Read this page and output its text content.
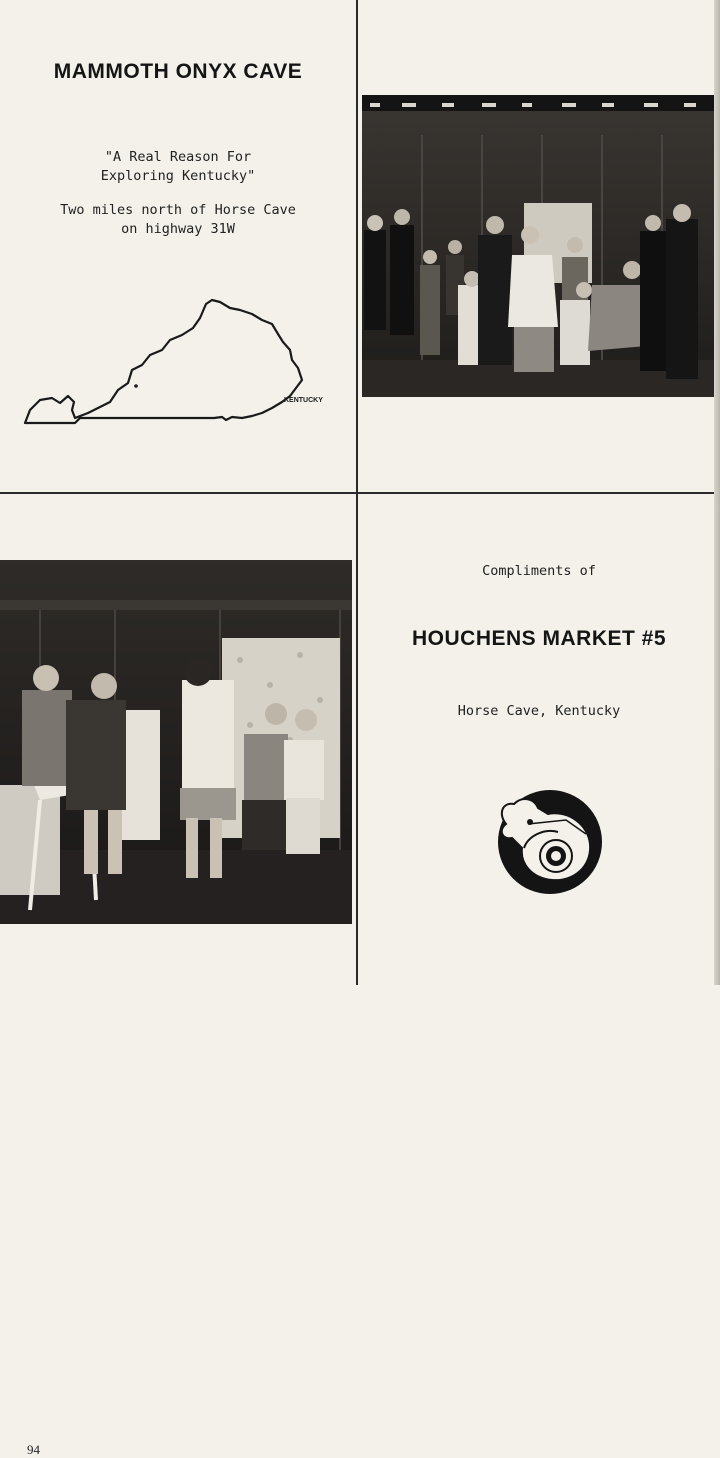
MAMMOTH ONYX CAVE
"A Real Reason For
Exploring Kentucky"
Two miles north of Horse Cave
on highway 31W
KENTUCKY
94
Compliments of
HOUCHENS MARKET #5
Horse Cave, Kentucky
